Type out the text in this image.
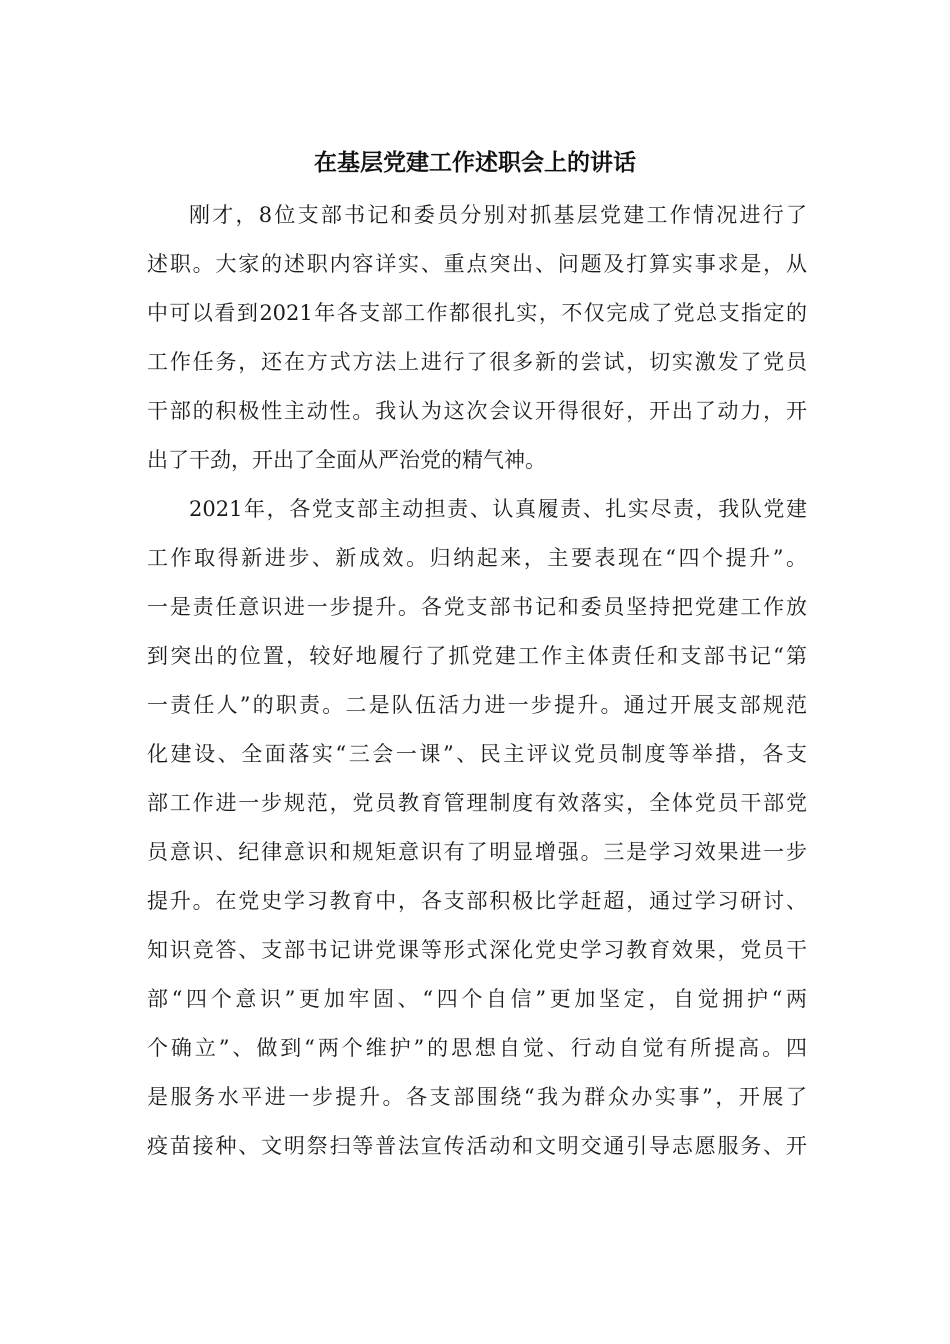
在基层党建工作述职会上的讲话
刚才，8位支部书记和委员分别对抓基层党建工作情况进行了
述职。大家的述职内容详实、重点突出、问题及打算实事求是，从
中可以看到2021年各支部工作都很扎实，不仅完成了党总支指定的
工作任务，还在方式方法上进行了很多新的尝试，切实激发了党员
干部的积极性主动性。我认为这次会议开得很好，开出了动力，开
出了干劲，开出了全面从严治党的精气神。
2021年，各党支部主动担责、认真履责、扎实尽责，我队党建
工作取得新进步、新成效。归纳起来，主要表现在“四个提升”。
一是责任意识进一步提升。各党支部书记和委员坚持把党建工作放
到突出的位置，较好地履行了抓党建工作主体责任和支部书记“第
一责任人”的职责。二是队伍活力进一步提升。通过开展支部规范
化建设、全面落实“三会一课”、民主评议党员制度等举措，各支
部工作进一步规范，党员教育管理制度有效落实，全体党员干部党
员意识、纪律意识和规矩意识有了明显增强。三是学习效果进一步
提升。在党史学习教育中，各支部积极比学赶超，通过学习研讨、
知识竞答、支部书记讲党课等形式深化党史学习教育效果，党员干
部“四个意识”更加牢固、“四个自信”更加坚定，自觉拥护“两
个确立”、做到“两个维护”的思想自觉、行动自觉有所提高。四
是服务水平进一步提升。各支部围绕“我为群众办实事”，开展了
疫苗接种、文明祭扫等普法宣传活动和文明交通引导志愿服务、开
